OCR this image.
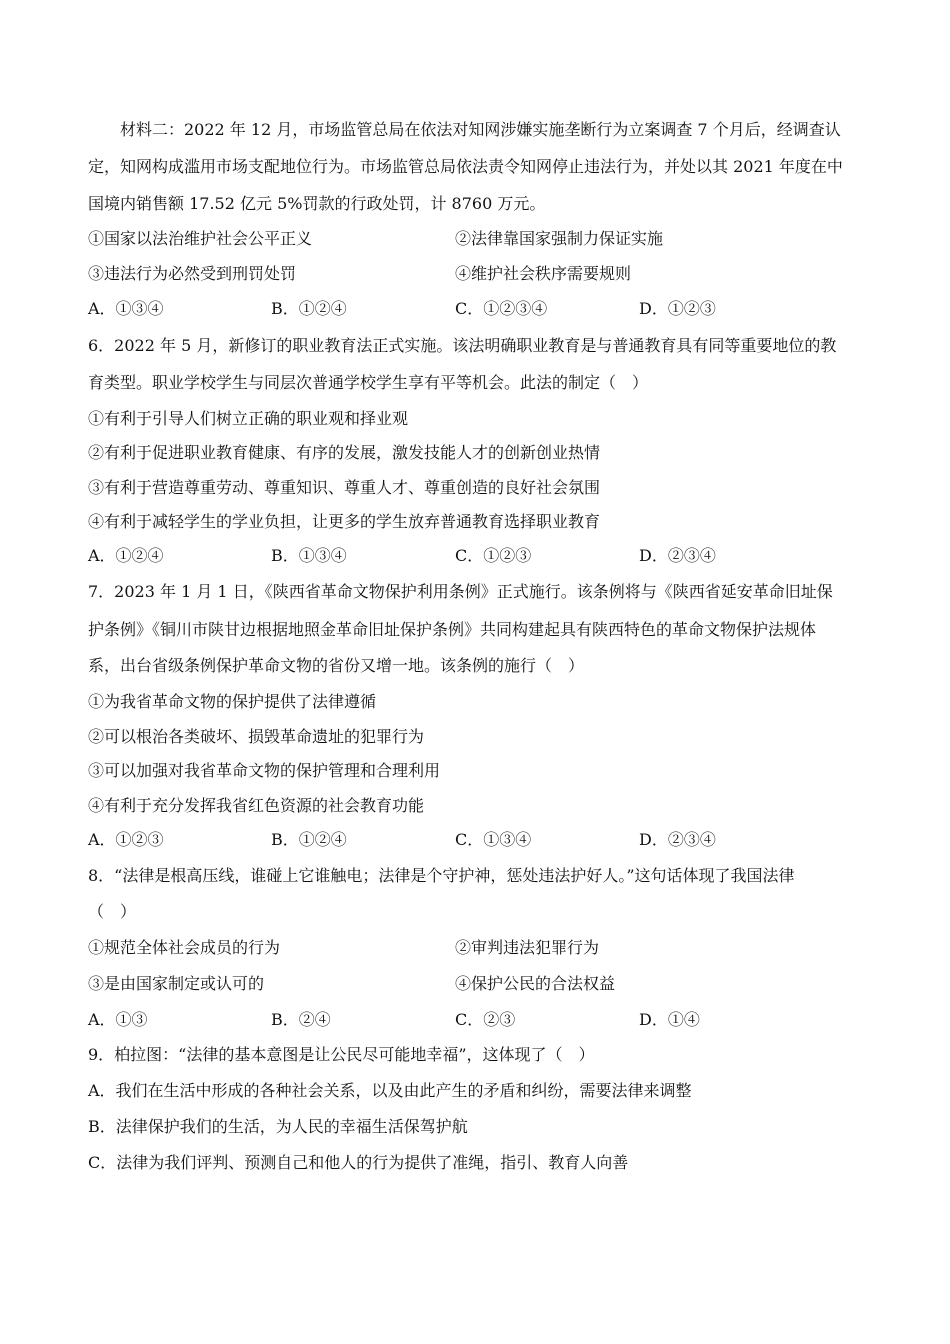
材料二：2022 年 12 月，市场监管总局在依法对知网涉嫌实施垄断行为立案调查 7 个月后，经调查认
定，知网构成滥用市场支配地位行为。市场监管总局依法责令知网停止违法行为，并处以其 2021 年度在中
国境内销售额 17.52 亿元 5%罚款的行政处罚，计 8760 万元。
①国家以法治维护社会公平正义	②法律靠国家强制力保证实施
③违法行为必然受到刑罚处罚	④维护社会秩序需要规则
A．①③④	B．①②④	C．①②③④	D．①②③
6．2022 年 5 月，新修订的职业教育法正式实施。该法明确职业教育是与普通教育具有同等重要地位的教
育类型。职业学校学生与同层次普通学校学生享有平等机会。此法的制定（　）
①有利于引导人们树立正确的职业观和择业观
②有利于促进职业教育健康、有序的发展，激发技能人才的创新创业热情
③有利于营造尊重劳动、尊重知识、尊重人才、尊重创造的良好社会氛围
④有利于减轻学生的学业负担，让更多的学生放弃普通教育选择职业教育
A．①②④	B．①③④	C．①②③	D．②③④
7．2023 年 1 月 1 日，《陕西省革命文物保护利用条例》正式施行。该条例将与《陕西省延安革命旧址保
护条例》《铜川市陕甘边根据地照金革命旧址保护条例》共同构建起具有陕西特色的革命文物保护法规体
系，出台省级条例保护革命文物的省份又增一地。该条例的施行（　）
①为我省革命文物的保护提供了法律遵循
②可以根治各类破坏、损毁革命遗址的犯罪行为
③可以加强对我省革命文物的保护管理和合理利用
④有利于充分发挥我省红色资源的社会教育功能
A．①②③	B．①②④	C．①③④	D．②③④
8．“法律是根高压线，谁碰上它谁触电；法律是个守护神，惩处违法护好人。”这句话体现了我国法律
（　）
①规范全体社会成员的行为	②审判违法犯罪行为
③是由国家制定或认可的	④保护公民的合法权益
A．①③	B．②④	C．②③	D．①④
9．柏拉图：“法律的基本意图是让公民尽可能地幸福”，这体现了（　）
A．我们在生活中形成的各种社会关系，以及由此产生的矛盾和纠纷，需要法律来调整
B．法律保护我们的生活，为人民的幸福生活保驾护航
C．法律为我们评判、预测自己和他人的行为提供了准绳，指引、教育人向善
